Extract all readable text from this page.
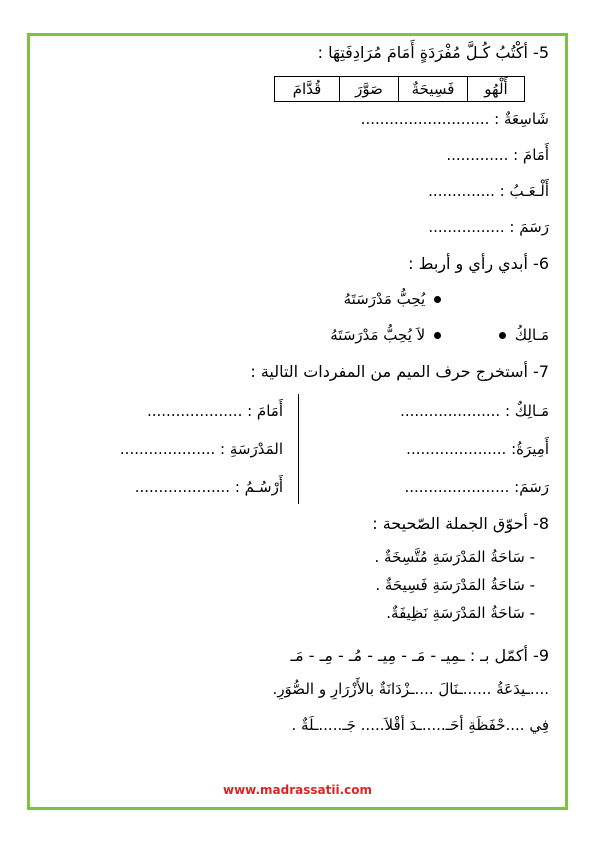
5- أكْتُبُ كُـلَّ مُفْرَدَةٍ أَمَامَ مُرَادِفَتِهَا :
أَلْهُو
فَسِيحَةٌ
صَوَّرَ
قُدَّامَ
شَاسِعَةٌ : ...........................
أَمَامَ : .............
أَلْـعَـبُ : ..............
رَسَمَ : ................
6- أبدي رأي و أربط :
يُحِبُّ مَدْرَسَتَهُ
مَـالِكُ
لاَ يُحِبُّ مَدْرَسَتَهُ
7- أستخرج حرف الميم من المفردات التالية :
مَـالِكٌ : .....................
أَمِيرَةُ: .....................
رَسَمَ: ......................
أَمَامَ : ....................
المَدْرَسَةِ : ....................
أَرْسُـمُ : ....................
8- أحوّق الجملة الصّحيحة :
- سَاحَةُ المَدْرَسَةِ مُتَّسِخَةٌ .
- سَاحَةُ المَدْرَسَةِ فَسِيحَةٌ .
- سَاحَةُ المَدْرَسَةِ نَظِيفَةٌ.
9- أكمّل بـ : ـمِيـ - مَـ - مِيـ - مُـ - مِـ - مَـ
....ـيدَعَةُ ......ـنَالَ ....ـزْدَانَةٌ بالأَزْرَارِ و الصُّوَرِ.
فِي ....حْفَظَةِ أحَـ.....ـدَ أقْلاَ..... جَـ.....ـلَةٌ .
www.madrassatii.com
